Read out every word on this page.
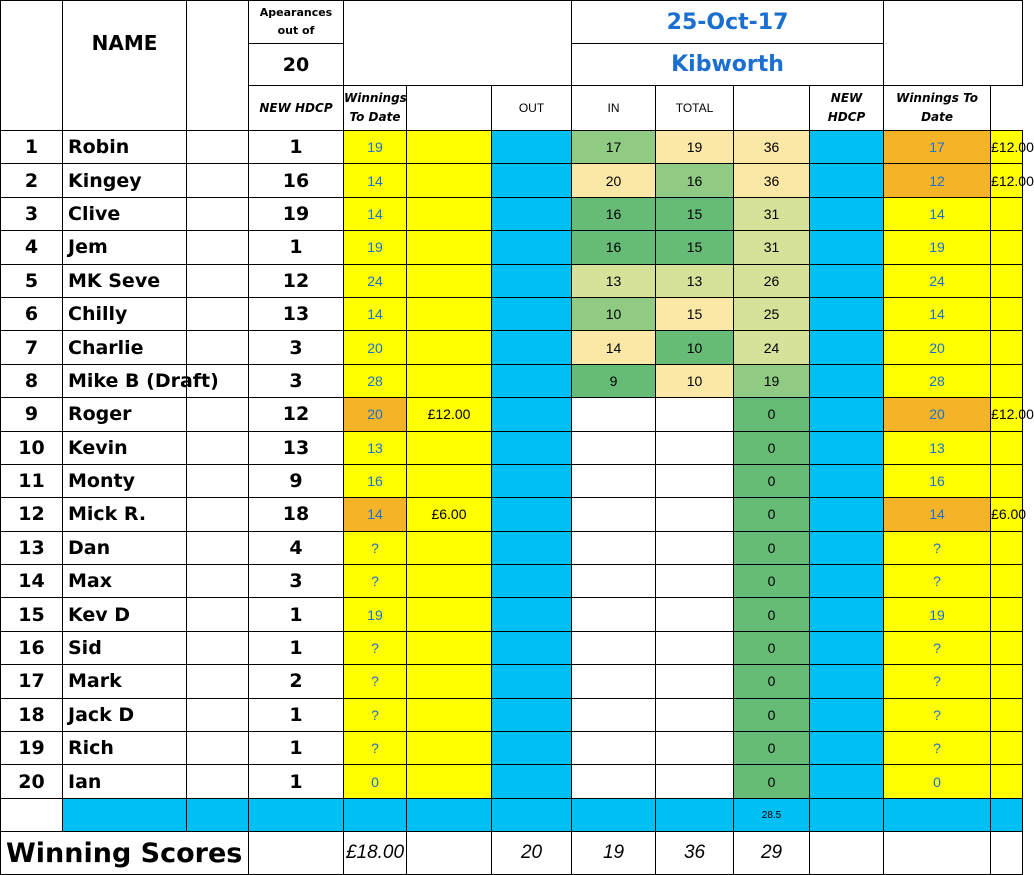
	NAME		Apearances out of				25-Oct-17					
			20				Kibworth					
			NEW HDCP	Winnings To Date		OUT	IN	TOTAL		NEW HDCP	Winnings To Date	
1	Robin		1	19			17	19	36		17	£12.00
2	Kingey		16	14			20	16	36		12	£12.00
3	Clive		19	14			16	15	31		14	
4	Jem		1	19			16	15	31		19	
5	MK Seve		12	24			13	13	26		24	
6	Chilly		13	14			10	15	25		14	
7	Charlie		3	20			14	10	24		20	
8	Mike B (Draft)		3	28			9	10	19		28	
9	Roger		12	20	£12.00				0		20	£12.00
10	Kevin		13	13					0		13	
11	Monty		9	16					0		16	
12	Mick R.		18	14	£6.00				0		14	£6.00
13	Dan		4	?					0		?	
14	Max		3	?					0		?	
15	Kev D		1	19					0		19	
16	Sid		1	?					0		?	
17	Mark		2	?					0		?	
18	Jack D		1	?					0		?	
19	Rich		1	?					0		?	
20	Ian		1	0					0		0	
									28.5			
Winning Scores				£18.00		20	19	36	29			
